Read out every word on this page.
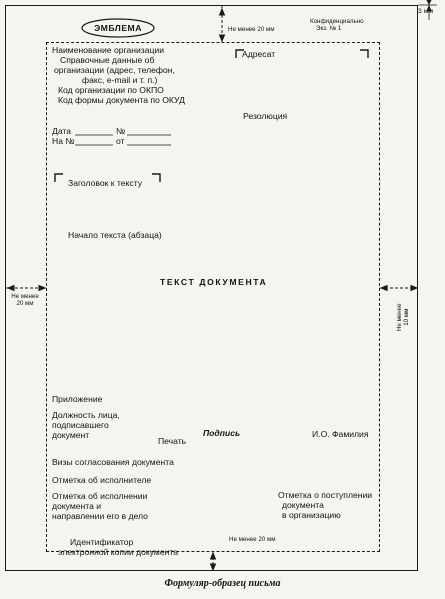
ЭМБЛЕМА	Не менее 20 мм
Не менее 20 мм
Не менее
20 мм	Не менее 10 мм
3 мм
Конфиденциально
Экз. № 1
Наименование организации
Справочные данные об
организации (адрес, телефон,
факс, e-mail и т. п.)
Код организации по ОКПО
Код формы документа по ОКУД
Адресат
Резолюция
Дата	№
На №	от
Заголовок к тексту
Начало текста (абзаца)
ТЕКСТ ДОКУМЕНТА
Приложение
Должность лица,
подписавшего
документ
Печать
Подпись	И.О. Фамилия
Визы согласования документа
Отметка об исполнителе
Отметка об исполнении
документа и
направлении его в дело
Отметка о поступлении
документа
в организацию
Идентификатор
электронной копии документа
Формуляр-образец письма
